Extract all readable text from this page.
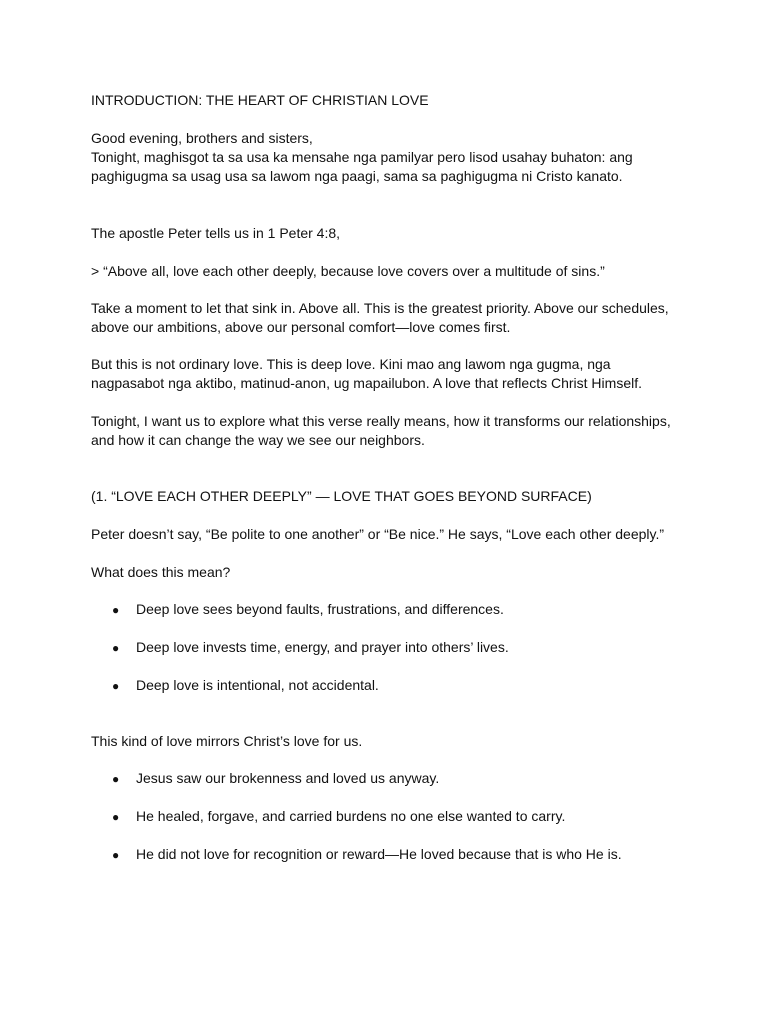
INTRODUCTION: THE HEART OF CHRISTIAN LOVE

Good evening, brothers and sisters,

Tonight, maghisgot ta sa usa ka mensahe nga pamilyar pero lisod usahay buhaton: ang

paghigugma sa usag usa sa lawom nga paagi, sama sa paghigugma ni Cristo kanato.

The apostle Peter tells us in 1 Peter 4:8,

> “Above all, love each other deeply, because love covers over a multitude of sins.”

Take a moment to let that sink in. Above all. This is the greatest priority. Above our schedules,

above our ambitions, above our personal comfort—love comes first.

But this is not ordinary love. This is deep love. Kini mao ang lawom nga gugma, nga

nagpasabot nga aktibo, matinud-anon, ug mapailubon. A love that reflects Christ Himself.

Tonight, I want us to explore what this verse really means, how it transforms our relationships,

and how it can change the way we see our neighbors.

(1. “LOVE EACH OTHER DEEPLY” — LOVE THAT GOES BEYOND SURFACE)

Peter doesn’t say, “Be polite to one another” or “Be nice.” He says, “Love each other deeply.”

What does this mean?

● Deep love sees beyond faults, frustrations, and differences.

● Deep love invests time, energy, and prayer into others’ lives.

● Deep love is intentional, not accidental.

This kind of love mirrors Christ’s love for us.

● Jesus saw our brokenness and loved us anyway.

● He healed, forgave, and carried burdens no one else wanted to carry.

● He did not love for recognition or reward—He loved because that is who He is.
